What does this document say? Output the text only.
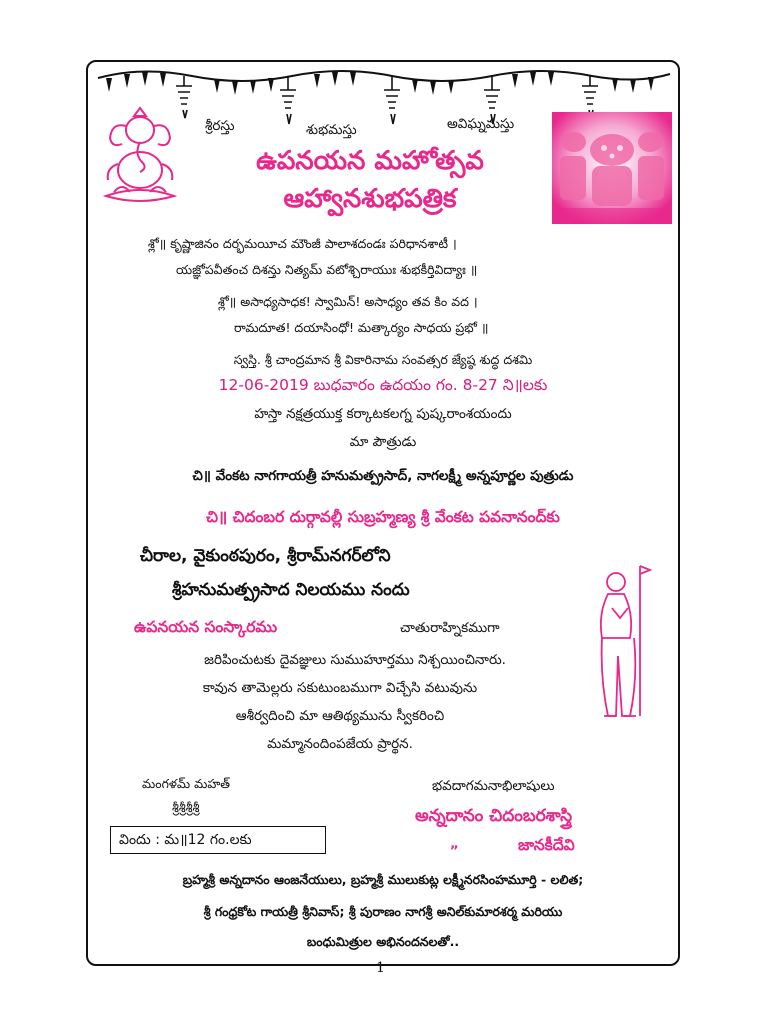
శ్రీరస్తు	శుభమస్తు	అవిఘ్నమస్తు
ఉపనయన మహోత్సవ
ఆహ్వానశుభపత్రిక
శ్లో॥ కృష్ణాజినం దర్భమయీచ మౌంజీ పాలాశదండః పరిధానశాటీ ।
యజ్ఞోపవీతంచ దిశన్తు నిత్యమ్ వటోశ్చిరాయుః శుభకీర్తివిద్యాః ॥
శ్లో॥ అసాధ్యసాధక! స్వామిన్! అసాధ్యం తవ కిం వద ।
రామదూత! దయాసింధో! మత్కార్యం సాధయ ప్రభో ॥
స్వస్తి. శ్రీ చాంద్రమాన శ్రీ వికారినామ సంవత్సర జ్యేష్ఠ శుద్ధ దశమి
12-06-2019 బుధవారం ఉదయం గం. 8-27 ని॥లకు
హస్తా నక్షత్రయుక్త కర్కాటకలగ్న పుష్కరాంశయందు
మా పౌత్రుడు
చి॥ వేంకట నాగగాయత్రీ హనుమత్ప్రసాద్, నాగలక్ష్మీ అన్నపూర్ణల పుత్రుడు
చి॥ చిదంబర దుర్గావల్లీ సుబ్రహ్మణ్య శ్రీ వేంకట పవనానంద్‌కు
చీరాల, వైకుంఠపురం, శ్రీరామ్‌నగర్‌లోని
శ్రీహనుమత్ప్రసాద నిలయము నందు
ఉపనయన సంస్కారము	చాతురాహ్నికముగా
జరిపించుటకు దైవజ్ఞులు సుముహూర్తము నిశ్చయించినారు.
కావున తామెల్లరు సకుటుంబముగా విచ్చేసి వటువును
ఆశీర్వదించి మా ఆతిథ్యమును స్వీకరించి
మమ్మానందింపజేయ ప్రార్థన.
మంగళమ్ మహత్
శ్రీశ్రీశ్రీశ్రీ
విందు : మ॥12 గం.లకు
భవదాగమనాభిలాషులు
అన్నదానం చిదంబరశాస్త్రి
„	జానకీదేవి
బ్రహ్మశ్రీ అన్నదానం ఆంజనేయులు, బ్రహ్మశ్రీ ములుకుట్ల లక్ష్మీనరసింహమూర్తి - లలిత;
శ్రీ గంధ్రకోట గాయత్రీ శ్రీనివాస్; శ్రీ పురాణం నాగశ్రీ అనిల్‌కుమారశర్మ మరియు
బంధుమిత్రుల అభినందనలతో..
1
